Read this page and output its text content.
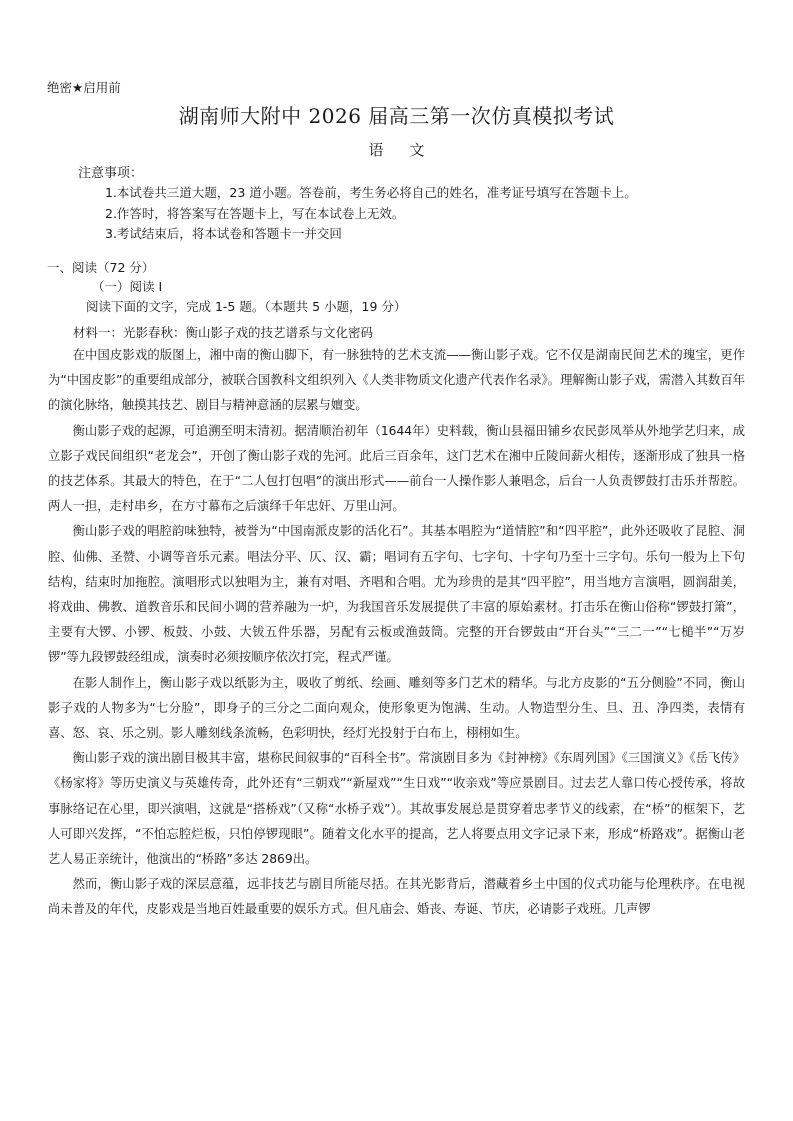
绝密★启用前
湖南师大附中 2026 届高三第一次仿真模拟考试
语文
注意事项：
1.本试卷共三道大题，23 道小题。答卷前，考生务必将自己的姓名，准考证号填写在答题卡上。
2.作答时，将答案写在答题卡上，写在本试卷上无效。
3.考试结束后，将本试卷和答题卡一并交回
一、阅读（72 分）
（一）阅读 Ⅰ
阅读下面的文字，完成 1-5 题。（本题共 5 小题，19 分）
材料一：光影春秋：衡山影子戏的技艺谱系与文化密码

在中国皮影戏的版图上，湘中南的衡山脚下，有一脉独特的艺术支流——衡山影子戏。它不仅是湖南民间艺术的瑰宝，更作为“中国皮影”的重要组成部分，被联合国教科文组织列入《人类非物质文化遗产代表作名录》。理解衡山影子戏，需潜入其数百年的演化脉络，触摸其技艺、剧目与精神意涵的层累与嬗变。

衡山影子戏的起源，可追溯至明末清初。据清顺治初年（1644年）史料载，衡山县福田铺乡农民彭凤举从外地学艺归来，成立影子戏民间组织“老龙会”，开创了衡山影子戏的先河。此后三百余年，这门艺术在湘中丘陵间薪火相传，逐渐形成了独具一格的技艺体系。其最大的特色，在于“二人包打包唱”的演出形式——前台一人操作影人兼唱念，后台一人负责锣鼓打击乐并帮腔。两人一担，走村串乡，在方寸幕布之后演绎千年忠奸、万里山河。

衡山影子戏的唱腔韵味独特，被誉为“中国南派皮影的活化石”。其基本唱腔为“道情腔”和“四平腔”，此外还吸收了昆腔、洞腔、仙佛、圣赞、小调等音乐元素。唱法分平、仄、汉、霸；唱词有五字句、七字句、十字句乃至十三字句。乐句一般为上下句结构，结束时加拖腔。演唱形式以独唱为主，兼有对唱、齐唱和合唱。尤为珍贵的是其“四平腔”，用当地方言演唱，圆润甜美，将戏曲、佛教、道教音乐和民间小调的营养融为一炉，为我国音乐发展提供了丰富的原始素材。打击乐在衡山俗称“锣鼓打箫”，主要有大锣、小锣、板鼓、小鼓、大钹五件乐器，另配有云板或渔鼓筒。完整的开台锣鼓由“开台头”“三二一”“七槌半”“万岁锣”等九段锣鼓经组成，演奏时必须按顺序依次打完，程式严谨。

在影人制作上，衡山影子戏以纸影为主，吸收了剪纸、绘画、雕刻等多门艺术的精华。与北方皮影的“五分侧脸”不同，衡山影子戏的人物多为“七分脸”，即身子的三分之二面向观众，使形象更为饱满、生动。人物造型分生、旦、丑、净四类，表情有喜、怒、哀、乐之别。影人雕刻线条流畅，色彩明快，经灯光投射于白布上，栩栩如生。

衡山影子戏的演出剧目极其丰富，堪称民间叙事的“百科全书”。常演剧目多为《封神榜》《东周列国》《三国演义》《岳飞传》《杨家将》等历史演义与英雄传奇，此外还有“三朝戏”“新屋戏”“生日戏”“收亲戏”等应景剧目。过去艺人靠口传心授传承，将故事脉络记在心里，即兴演唱，这就是“搭桥戏”（又称“水桥子戏”）。其故事发展总是贯穿着忠孝节义的线索，在“桥”的框架下，艺人可即兴发挥，“不怕忘腔烂板，只怕停锣现眼”。随着文化水平的提高，艺人将要点用文字记录下来，形成“桥路戏”。据衡山老艺人易正亲统计，他演出的“桥路”多达 2869出。

然而，衡山影子戏的深层意蕴，远非技艺与剧目所能尽括。在其光影背后，潜藏着乡土中国的仪式功能与伦理秩序。在电视尚未普及的年代，皮影戏是当地百姓最重要的娱乐方式。但凡庙会、婚丧、寿诞、节庆，必请影子戏班。几声锣
